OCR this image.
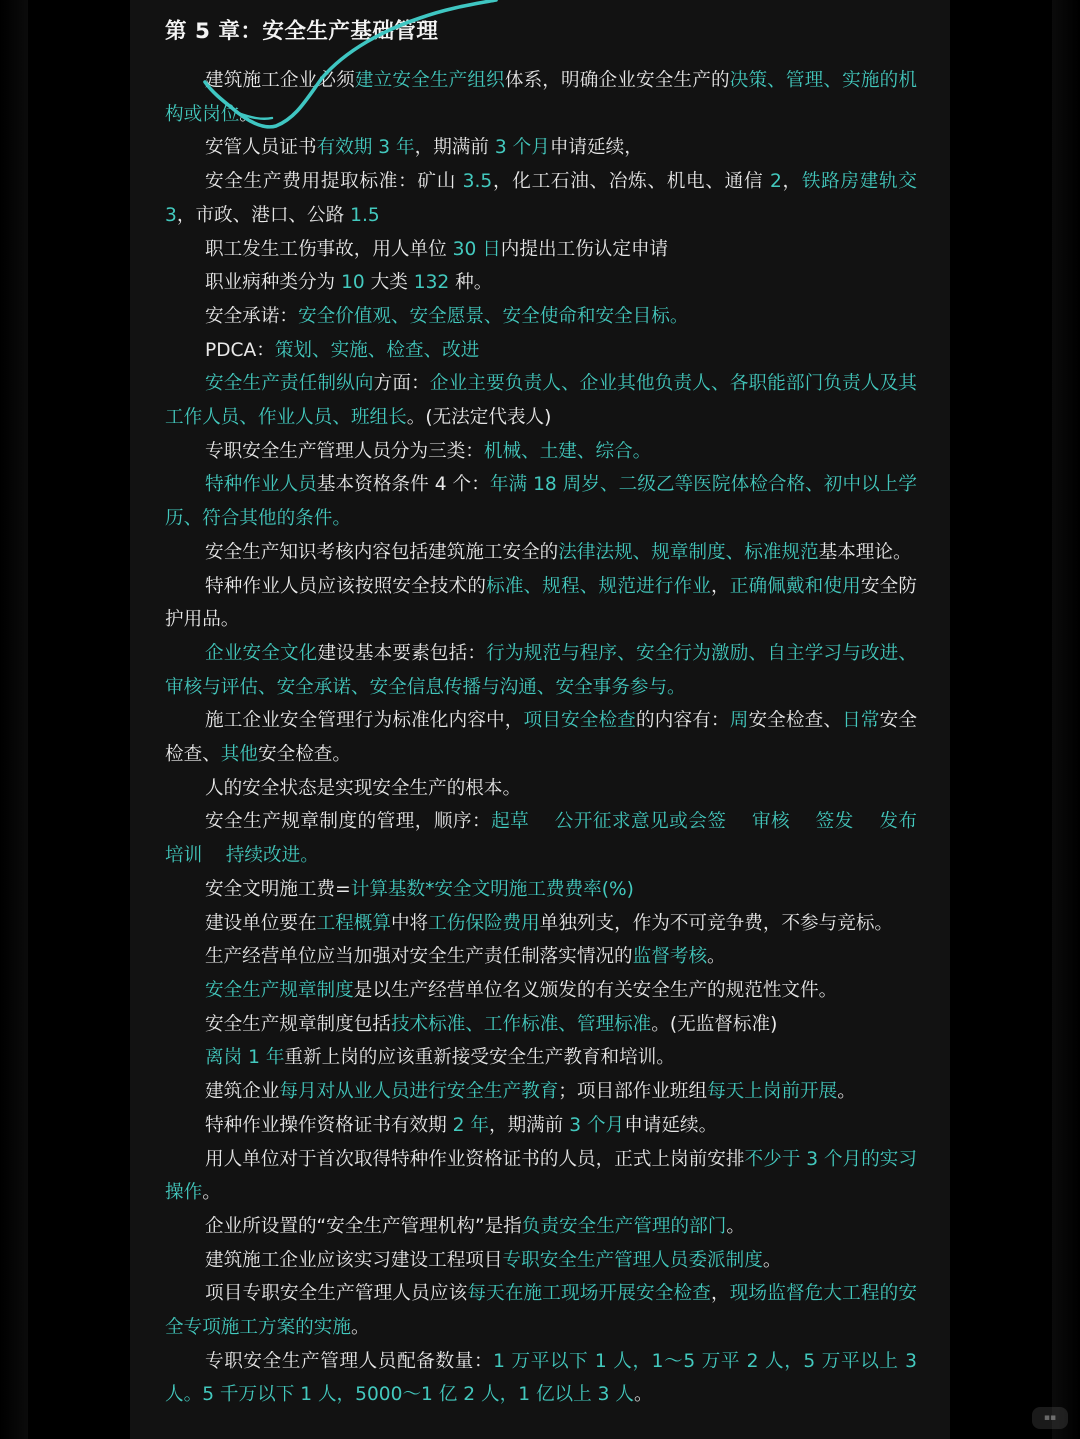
第 5 章：安全生产基础管理

建筑施工企业必须建立安全生产组织体系，明确企业安全生产的决策、管理、实施的机构或岗位。

安管人员证书有效期 3 年，期满前 3 个月申请延续，

安全生产费用提取标准：矿山 3.5，化工石油、冶炼、机电、通信 2，铁路房建轨交 3，市政、港口、公路 1.5

职工发生工伤事故，用人单位 30 日内提出工伤认定申请

职业病种类分为 10 大类 132 种。

安全承诺：安全价值观、安全愿景、安全使命和安全目标。

PDCA：策划、实施、检查、改进

安全生产责任制纵向方面：企业主要负责人、企业其他负责人、各职能部门负责人及其工作人员、作业人员、班组长。(无法定代表人)

专职安全生产管理人员分为三类：机械、土建、综合。

特种作业人员基本资格条件 4 个：年满 18 周岁、二级乙等医院体检合格、初中以上学历、符合其他的条件。

安全生产知识考核内容包括建筑施工安全的法律法规、规章制度、标准规范基本理论。

特种作业人员应该按照安全技术的标准、规程、规范进行作业，正确佩戴和使用安全防护用品。

企业安全文化建设基本要素包括：行为规范与程序、安全行为激励、自主学习与改进、审核与评估、安全承诺、安全信息传播与沟通、安全事务参与。

施工企业安全管理行为标准化内容中，项目安全检查的内容有：周安全检查、日常安全检查、其他安全检查。

人的安全状态是实现安全生产的根本。

安全生产规章制度的管理，顺序：起草    公开征求意见或会签    审核    签发    发布    培训    持续改进。

安全文明施工费=计算基数*安全文明施工费费率(%)

建设单位要在工程概算中将工伤保险费用单独列支，作为不可竞争费，不参与竞标。

生产经营单位应当加强对安全生产责任制落实情况的监督考核。

安全生产规章制度是以生产经营单位名义颁发的有关安全生产的规范性文件。

安全生产规章制度包括技术标准、工作标准、管理标准。(无监督标准)

离岗 1 年重新上岗的应该重新接受安全生产教育和培训。

建筑企业每月对从业人员进行安全生产教育；项目部作业班组每天上岗前开展。

特种作业操作资格证书有效期 2 年，期满前 3 个月申请延续。

用人单位对于首次取得特种作业资格证书的人员，正式上岗前安排不少于 3 个月的实习操作。

企业所设置的“安全生产管理机构”是指负责安全生产管理的部门。

建筑施工企业应该实习建设工程项目专职安全生产管理人员委派制度。

项目专职安全生产管理人员应该每天在施工现场开展安全检查，现场监督危大工程的安全专项施工方案的实施。

专职安全生产管理人员配备数量：1 万平以下 1 人，1～5 万平 2 人，5 万平以上 3 人。5 千万以下 1 人，5000～1 亿 2 人，1 亿以上 3 人。

▪▪
